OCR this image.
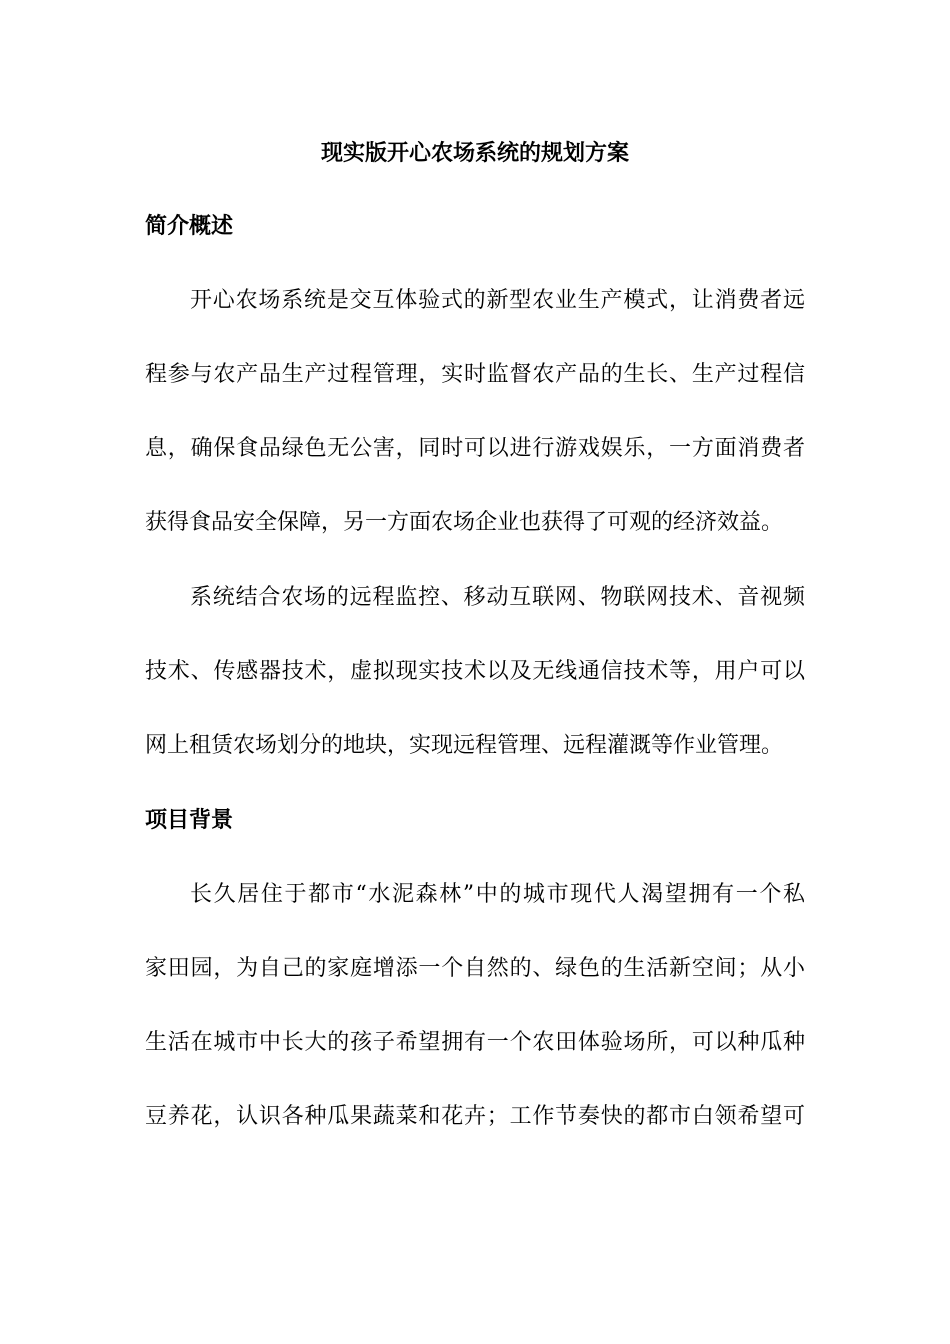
现实版开心农场系统的规划方案
简介概述

开心农场系统是交互体验式的新型农业生产模式，让消费者远

程参与农产品生产过程管理，实时监督农产品的生长、生产过程信

息，确保食品绿色无公害，同时可以进行游戏娱乐，一方面消费者

获得食品安全保障，另一方面农场企业也获得了可观的经济效益。

系统结合农场的远程监控、移动互联网、物联网技术、音视频

技术、传感器技术，虚拟现实技术以及无线通信技术等，用户可以

网上租赁农场划分的地块，实现远程管理、远程灌溉等作业管理。

项目背景

长久居住于都市“水泥森林”中的城市现代人渴望拥有一个私

家田园，为自己的家庭增添一个自然的、绿色的生活新空间；从小

生活在城市中长大的孩子希望拥有一个农田体验场所，可以种瓜种

豆养花，认识各种瓜果蔬菜和花卉；工作节奏快的都市白领希望可
